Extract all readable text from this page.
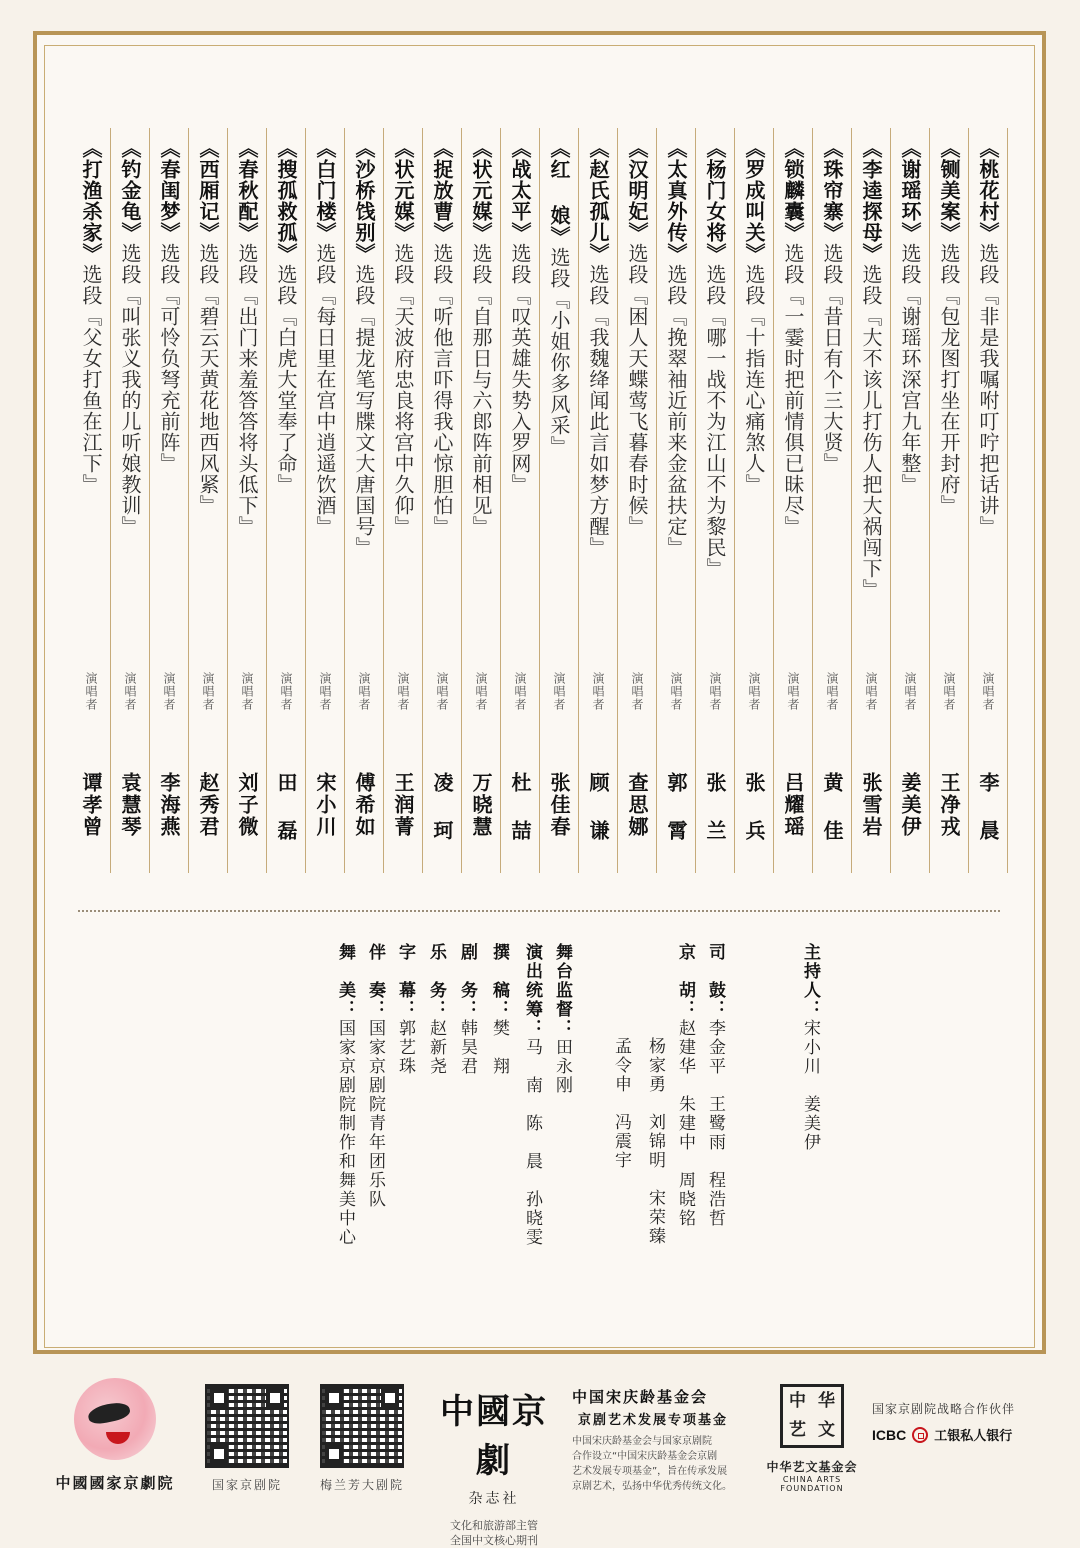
《桃花村》选段『非是我嘱咐叮咛把话讲』
演唱者
李 晨
《铡美案》选段『包龙图打坐在开封府』
演唱者
王净戎
《谢瑶环》选段『谢瑶环深宫九年整』
演唱者
姜美伊
《李逵探母》选段『大不该儿打伤人把大祸闯下』
演唱者
张雪岩
《珠帘寨》选段『昔日有个三大贤』
演唱者
黄 佳
《锁麟囊》选段『一霎时把前情俱已昧尽』
演唱者
吕耀瑶
《罗成叫关》选段『十指连心痛煞人』
演唱者
张 兵
《杨门女将》选段『哪一战不为江山不为黎民』
演唱者
张 兰
《太真外传》选段『挽翠袖近前来金盆扶定』
演唱者
郭 霄
《汉明妃》选段『困人天蝶莺飞暮春时候』
演唱者
查思娜
《赵氏孤儿》选段『我魏绛闻此言如梦方醒』
演唱者
顾 谦
《红 娘》选段『小姐你多风采』
演唱者
张佳春
《战太平》选段『叹英雄失势入罗网』
演唱者
杜 喆
《状元媒》选段『自那日与六郎阵前相见』
演唱者
万晓慧
《捉放曹》选段『听他言吓得我心惊胆怕』
演唱者
凌 珂
《状元媒》选段『天波府忠良将宫中久仰』
演唱者
王润菁
《沙桥饯别》选段『提龙笔写牒文大唐国号』
演唱者
傅希如
《白门楼》选段『每日里在宫中逍遥饮酒』
演唱者
宋小川
《搜孤救孤》选段『白虎大堂奉了命』
演唱者
田 磊
《春秋配》选段『出门来羞答答将头低下』
演唱者
刘子微
《西厢记》选段『碧云天黄花地西风紧』
演唱者
赵秀君
《春闺梦》选段『可怜负弩充前阵』
演唱者
李海燕
《钓金龟》选段『叫张义我的儿听娘教训』
演唱者
袁慧琴
《打渔杀家》选段『父女打鱼在江下』
演唱者
谭孝曾
主持人：宋小川　姜美伊
司　鼓：李金平　王鹭雨　程浩哲
京　胡：赵建华　朱建中　周晓铭
杨家勇　刘锦明　宋荣臻
孟令申　冯震宇
舞台监督：田永刚
演出统筹：马　南　陈　晨　孙晓雯
撰　稿：樊　翔
剧　务：韩昊君
乐　务：赵新尧
字　幕：郭艺珠
伴　奏：国家京剧院青年团乐队
舞　美：国家京剧院制作和舞美中心
中國國家京劇院	国家京剧院	梅兰芳大剧院
中國京劇
杂志社
文化和旅游部主管
全国中文核心期刊
中国宋庆龄基金会
京剧艺术发展专项基金
中国宋庆龄基金会与国家京剧院
合作设立“中国宋庆龄基金会京剧
艺术发展专项基金”，旨在传承发展
京剧艺术，弘扬中华优秀传统文化。
中 华
艺 文
中华艺文基金会
CHINA ARTS FOUNDATION
国家京剧院战略合作伙伴
ICBC 工银私人银行
